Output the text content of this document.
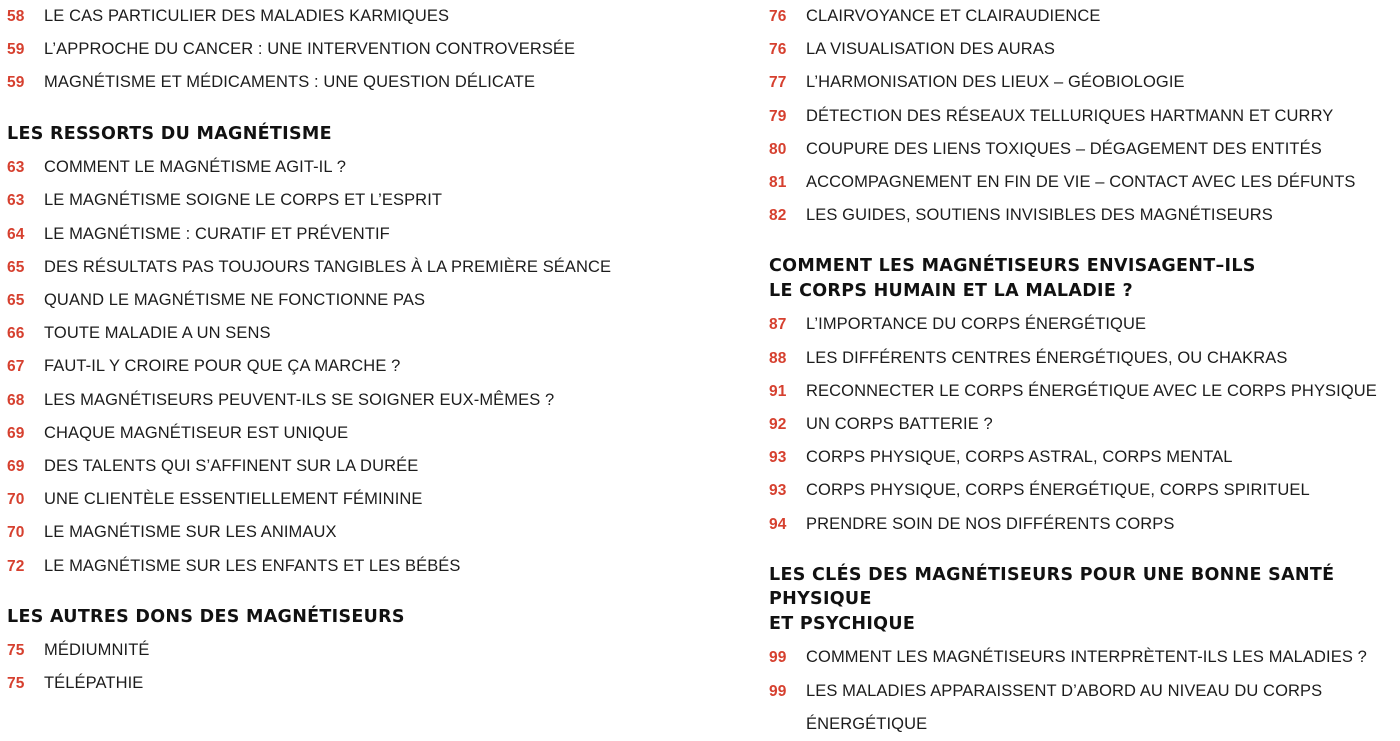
58 LE CAS PARTICULIER DES MALADIES KARMIQUES
59 L’APPROCHE DU CANCER : UNE INTERVENTION CONTROVERSÉE
59 MAGNÉTISME ET MÉDICAMENTS : UNE QUESTION DÉLICATE
LES RESSORTS DU MAGNÉTISME
63 COMMENT LE MAGNÉTISME AGIT-IL ?
63 LE MAGNÉTISME SOIGNE LE CORPS ET L’ESPRIT
64 LE MAGNÉTISME : CURATIF ET PRÉVENTIF
65 DES RÉSULTATS PAS TOUJOURS TANGIBLES À LA PREMIÈRE SÉANCE
65 QUAND LE MAGNÉTISME NE FONCTIONNE PAS
66 TOUTE MALADIE A UN SENS
67 FAUT-IL Y CROIRE POUR QUE ÇA MARCHE ?
68 LES MAGNÉTISEURS PEUVENT-ILS SE SOIGNER EUX-MÊMES ?
69 CHAQUE MAGNÉTISEUR EST UNIQUE
69 DES TALENTS QUI S’AFFINENT SUR LA DURÉE
70 UNE CLIENTÈLE ESSENTIELLEMENT FÉMININE
70 LE MAGNÉTISME SUR LES ANIMAUX
72 LE MAGNÉTISME SUR LES ENFANTS ET LES BÉBÉS
LES AUTRES DONS DES MAGNÉTISEURS
75 MÉDIUMNITÉ
75 TÉLÉPATHIE
76 CLAIRVOYANCE ET CLAIRAUDIENCE
76 LA VISUALISATION DES AURAS
77 L’HARMONISATION DES LIEUX – GÉOBIOLOGIE
79 DÉTECTION DES RÉSEAUX TELLURIQUES HARTMANN ET CURRY
80 COUPURE DES LIENS TOXIQUES – DÉGAGEMENT DES ENTITÉS
81 ACCOMPAGNEMENT EN FIN DE VIE – CONTACT AVEC LES DÉFUNTS
82 LES GUIDES, SOUTIENS INVISIBLES DES MAGNÉTISEURS
COMMENT LES MAGNÉTISEURS ENVISAGENT–ILS
LE CORPS HUMAIN ET LA MALADIE ?
87 L’IMPORTANCE DU CORPS ÉNERGÉTIQUE
88 LES DIFFÉRENTS CENTRES ÉNERGÉTIQUES, OU CHAKRAS
91 RECONNECTER LE CORPS ÉNERGÉTIQUE AVEC LE CORPS PHYSIQUE
92 UN CORPS BATTERIE ?
93 CORPS PHYSIQUE, CORPS ASTRAL, CORPS MENTAL
93 CORPS PHYSIQUE, CORPS ÉNERGÉTIQUE, CORPS SPIRITUEL
94 PRENDRE SOIN DE NOS DIFFÉRENTS CORPS
LES CLÉS DES MAGNÉTISEURS POUR UNE BONNE SANTÉ PHYSIQUE
ET PSYCHIQUE
99 COMMENT LES MAGNÉTISEURS INTERPRÈTENT-ILS LES MALADIES ?
99 LES MALADIES APPARAISSENT D’ABORD AU NIVEAU DU CORPS
ÉNERGÉTIQUE
